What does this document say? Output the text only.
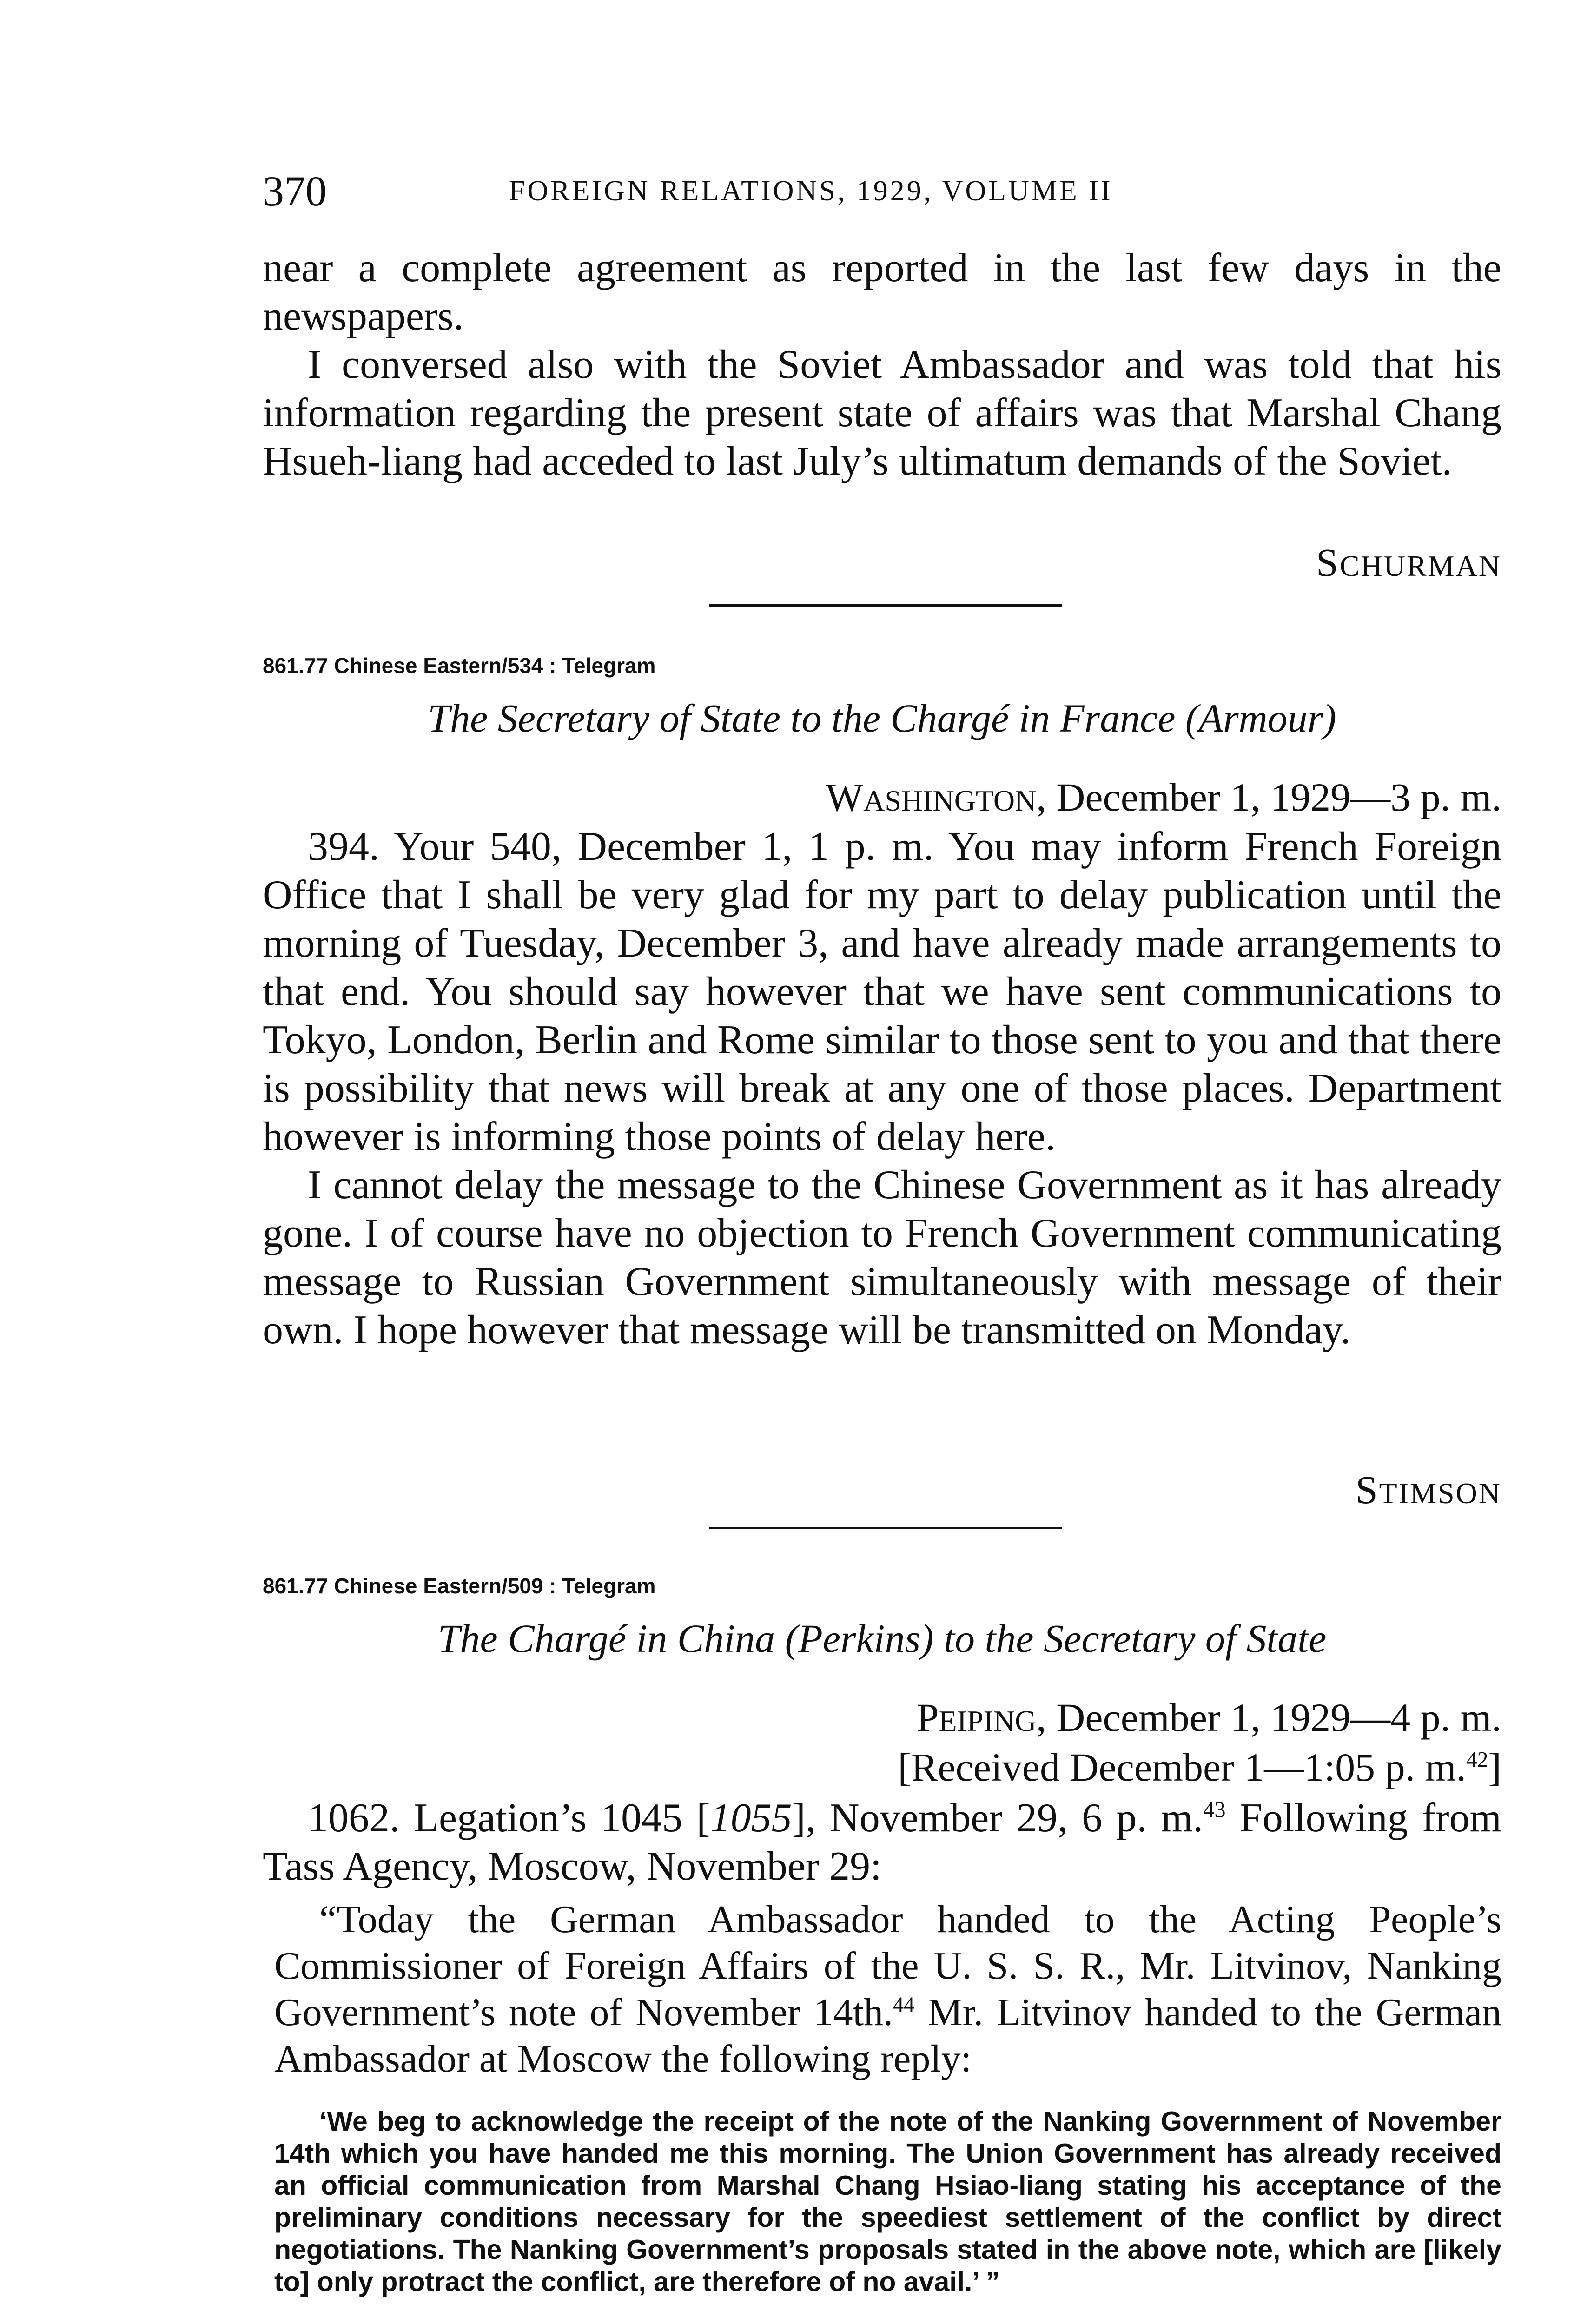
370	FOREIGN RELATIONS, 1929, VOLUME II

near a complete agreement as reported in the last few days in the newspapers.

I conversed also with the Soviet Ambassador and was told that his information regarding the present state of affairs was that Marshal Chang Hsueh-liang had acceded to last July’s ultimatum demands of the Soviet.

SCHURMAN
861.77 Chinese Eastern/534 : Telegram
The Secretary of State to the Chargé in France (Armour)
WASHINGTON, December 1, 1929—3 p. m.

394. Your 540, December 1, 1 p. m. You may inform French Foreign Office that I shall be very glad for my part to delay publication until the morning of Tuesday, December 3, and have already made arrangements to that end. You should say however that we have sent communications to Tokyo, London, Berlin and Rome similar to those sent to you and that there is possibility that news will break at any one of those places. Department however is informing those points of delay here.

I cannot delay the message to the Chinese Government as it has already gone. I of course have no objection to French Government communicating message to Russian Government simultaneously with message of their own. I hope however that message will be transmitted on Monday.

STIMSON
861.77 Chinese Eastern/509 : Telegram
The Chargé in China (Perkins) to the Secretary of State
PEIPING, December 1, 1929—4 p. m.
[Received December 1—1:05 p. m.$^{42}$]

1062. Legation’s 1045 [1055], November 29, 6 p. m.$^{43}$ Following from Tass Agency, Moscow, November 29:

“Today the German Ambassador handed to the Acting People’s Commissioner of Foreign Affairs of the U. S. S. R., Mr. Litvinov, Nanking Government’s note of November 14th.$^{44}$ Mr. Litvinov handed to the German Ambassador at Moscow the following reply:

‘We beg to acknowledge the receipt of the note of the Nanking Government of November 14th which you have handed me this morning. The Union Government has already received an official communication from Marshal Chang Hsiao-liang stating his acceptance of the preliminary conditions necessary for the speediest settlement of the conflict by direct negotiations. The Nanking Government’s proposals stated in the above note, which are [likely to] only protract the conflict, are therefore of no avail.’ ”
